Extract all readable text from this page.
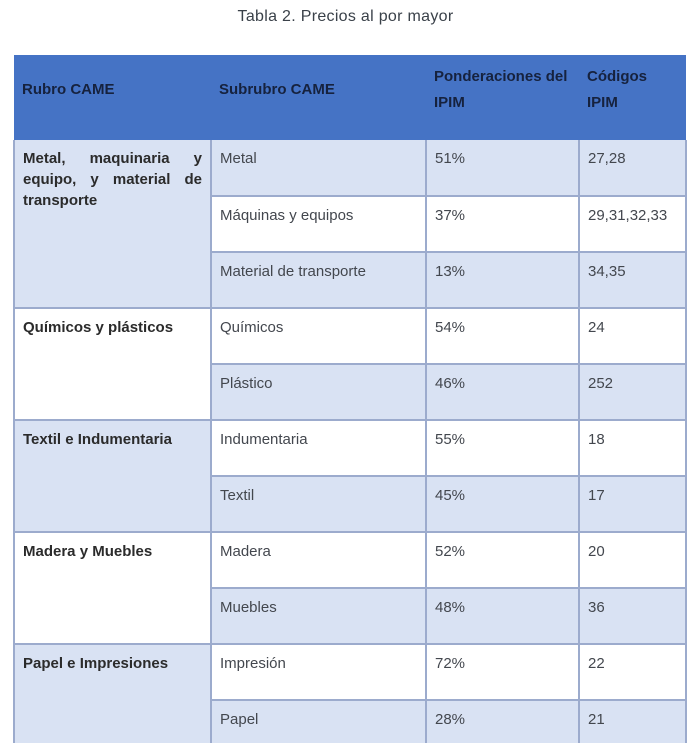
Tabla 2. Precios al por mayor
Rubro CAME	Subrubro CAME	Ponderaciones del IPIM	Códigos IPIM
Metal, maquinaria y equipo, y material de transporte	Metal	51%	27,28
	Máquinas y equipos	37%	29,31,32,33
	Material de transporte	13%	34,35
Químicos y plásticos	Químicos	54%	24
	Plástico	46%	252
Textil e Indumentaria	Indumentaria	55%	18
	Textil	45%	17
Madera y Muebles	Madera	52%	20
	Muebles	48%	36
Papel e Impresiones	Impresión	72%	22
	Papel	28%	21
